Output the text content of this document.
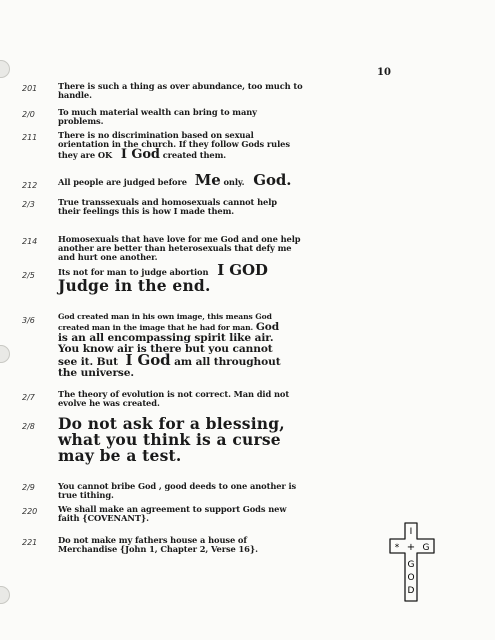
10
201 There is such a thing as over abundance, too much to
handle.
2/0	To much material wealth can bring to many
problems.
211 There is no discrimination based on sexual
orientation in the church. If they follow Gods rules
they are OK I God created them.
212 All people are judged before Me only. God.
2/3	True transsexuals and homosexuals cannot help
their feelings this is how I made them.
214 Homosexuals that have love for me God and one help
another are better than heterosexuals that defy me
and hurt one another.
2/5	Its not for man to judge abortion I GOD
Judge in the end.
3/6	God created man in his own image, this means God
created man in the image that he had for man. God
is an all encompassing spirit like air.
You know air is there but you cannot
see it. But I God am all throughout
the universe.
2/7	The theory of evolution is not correct. Man did not
evolve he was created.
2/8 Do not ask for a blessing,
what you think is a curse
may be a test.
2/9	You cannot bribe God , good deeds to one another is
true tithing.
220 We shall make an agreement to support Gods new
faith {COVENANT}.
221 Do not make my fathers house a house of
Merchandise {John 1, Chapter 2, Verse 16}.
I
* + G
G
O
D
